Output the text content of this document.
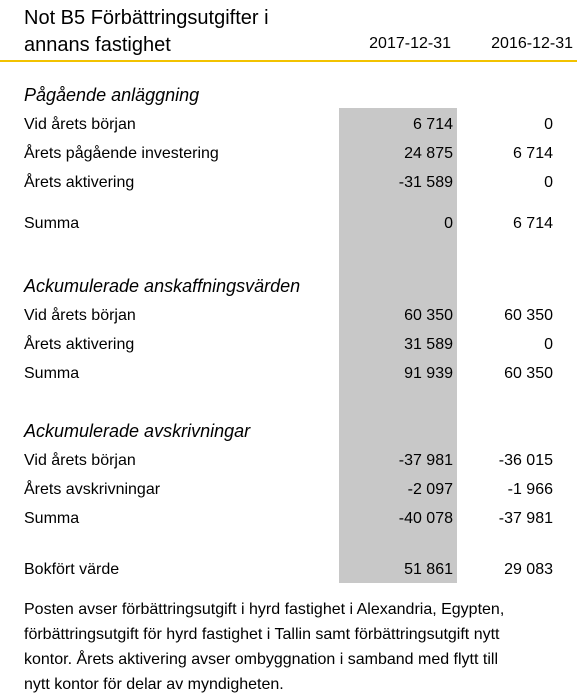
Not B5 Förbättringsutgifter i
annans fastighet	2017-12-31	2016-12-31
Pågående anläggning
Vid årets början	6 714	0
Årets pågående investering	24 875	6 714
Årets aktivering	-31 589	0
Summa	0	6 714
Ackumulerade anskaffningsvärden
Vid årets början	60 350	60 350
Årets aktivering	31 589	0
Summa	91 939	60 350
Ackumulerade avskrivningar
Vid årets början	-37 981	-36 015
Årets avskrivningar	-2 097	-1 966
Summa	-40 078	-37 981
Bokfört värde	51 861	29 083

Posten avser förbättringsutgift i hyrd fastighet i Alexandria, Egypten,
förbättringsutgift för hyrd fastighet i Tallin samt förbättringsutgift nytt
kontor. Årets aktivering avser ombyggnation i samband med flytt till
nytt kontor för delar av myndigheten.
